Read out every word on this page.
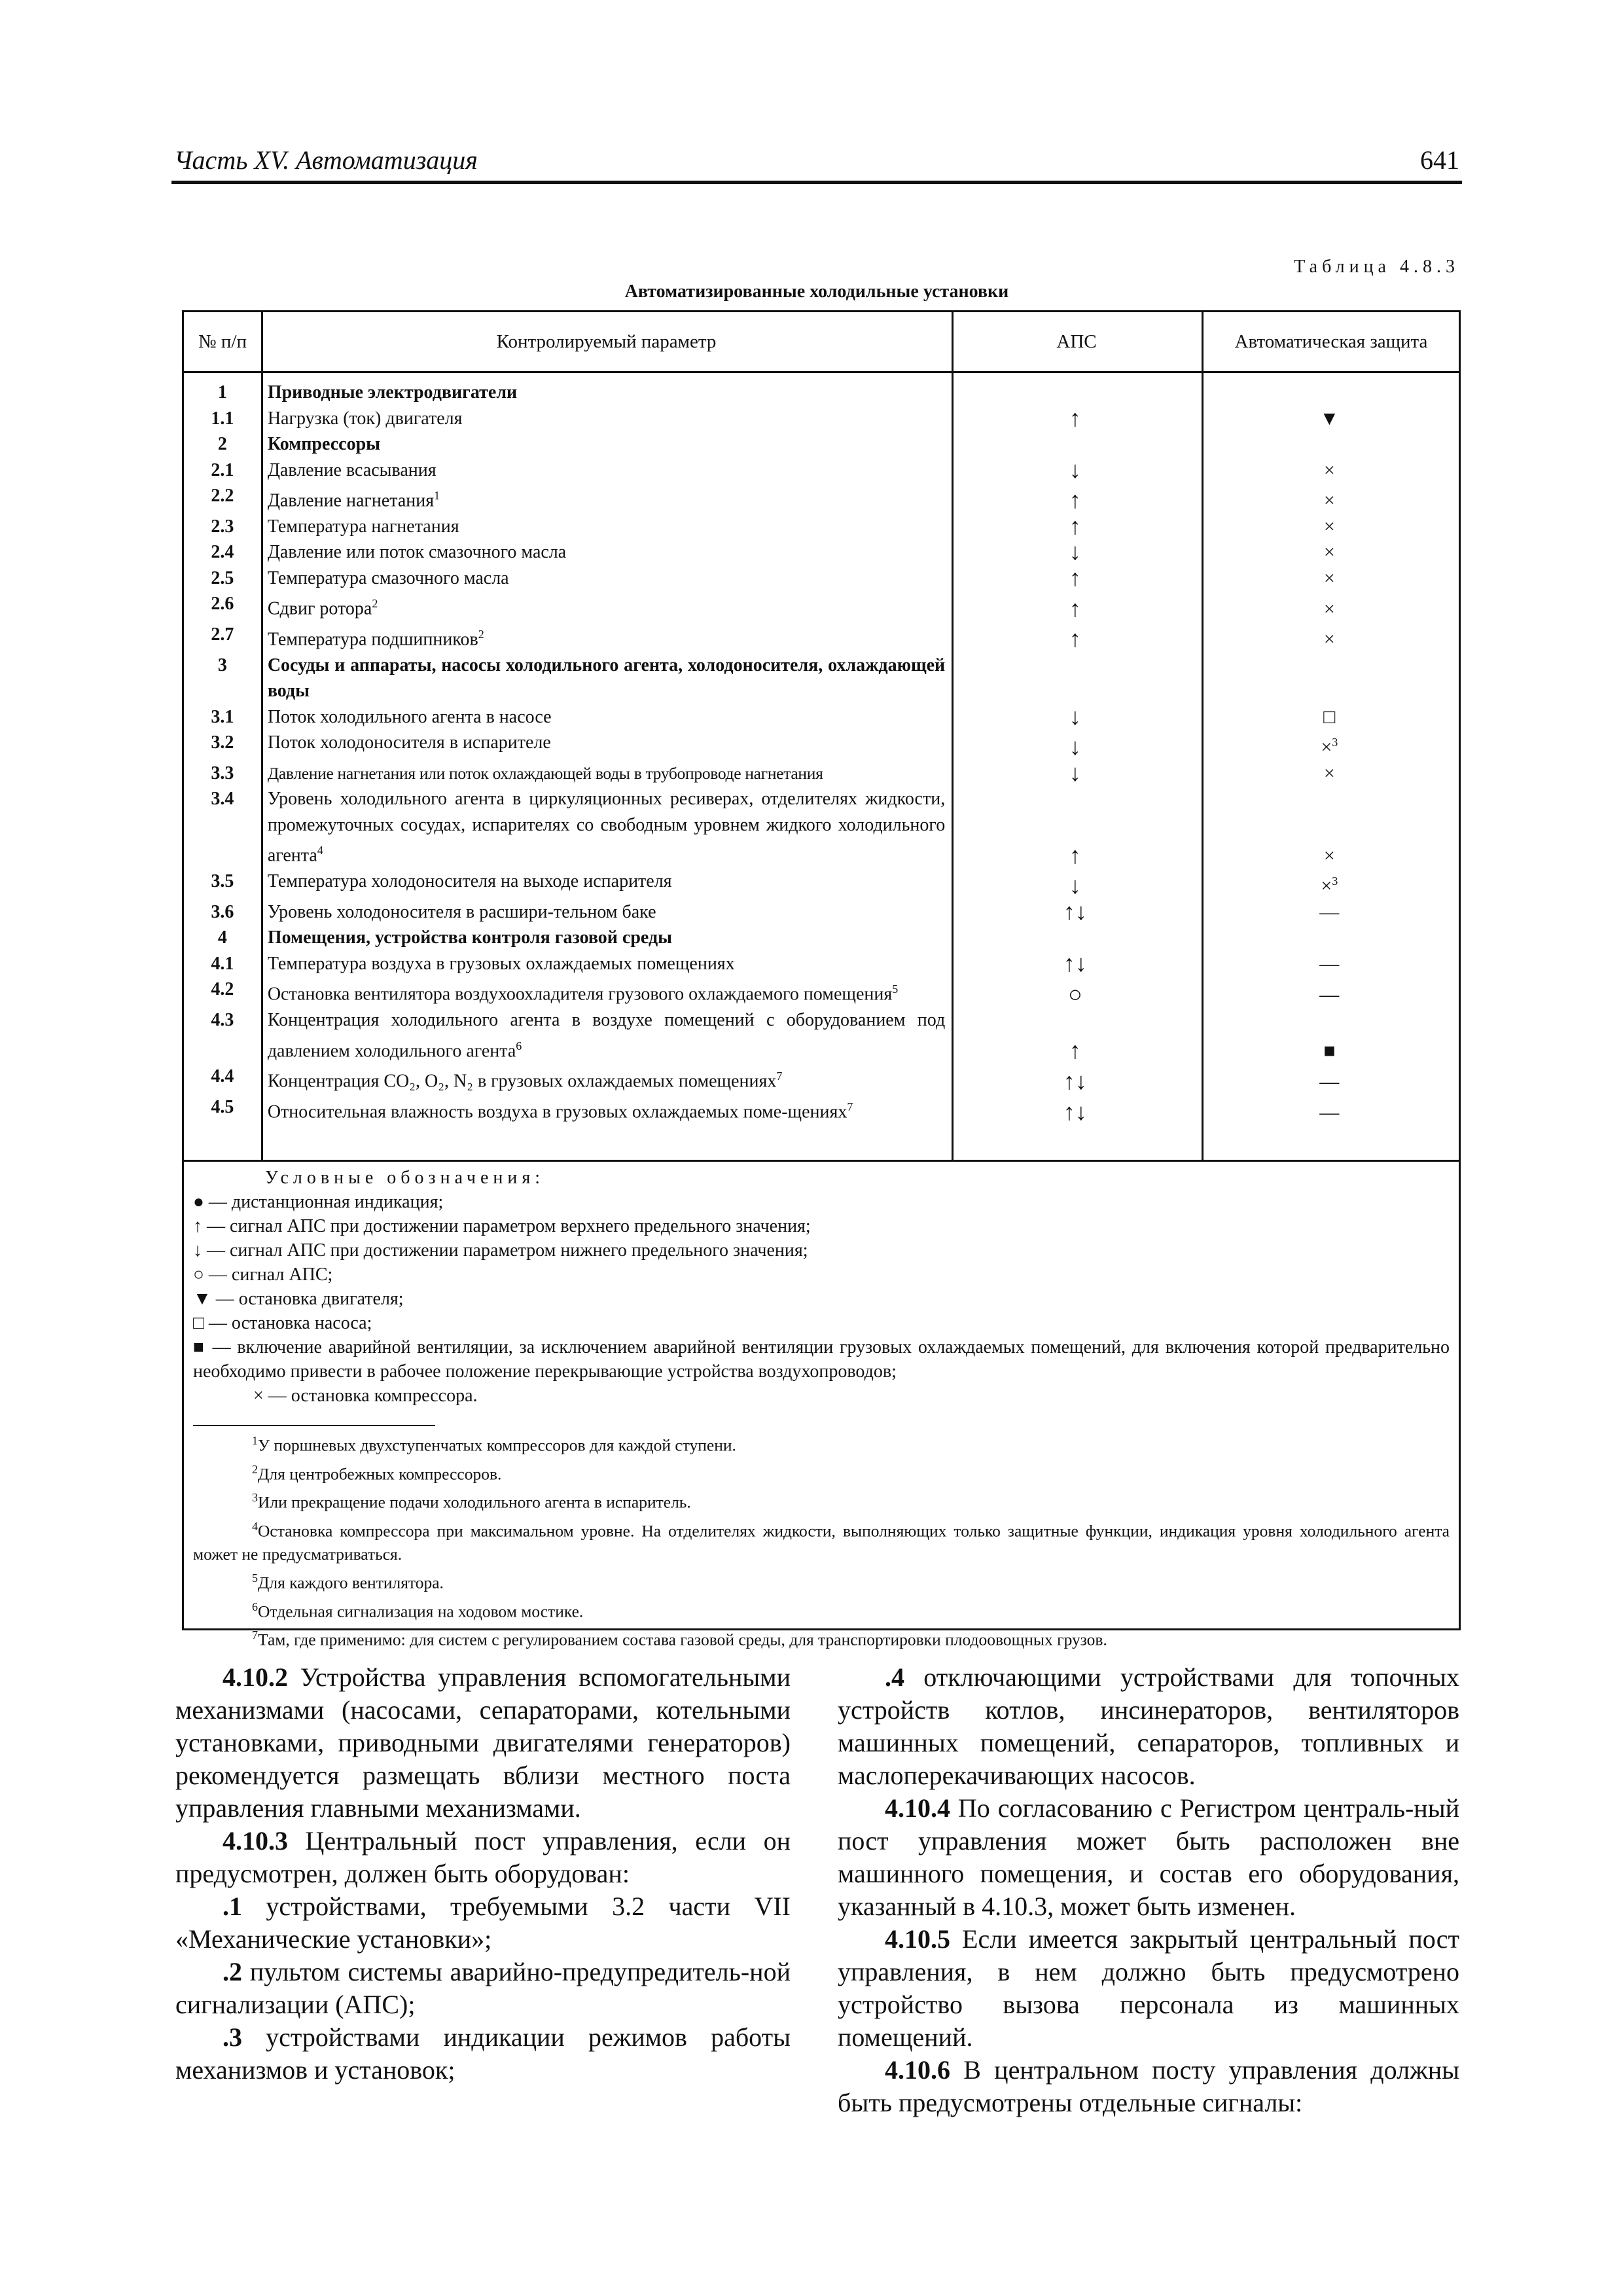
Часть XV. Автоматизация	641
Таблица 4.8.3
Автоматизированные холодильные установки
№ п/п	Контролируемый параметр	АПС	Автоматическая защита
1	Приводные электродвигатели
1.1	Нагрузка (ток) двигателя	↑	▼
2	Компрессоры
2.1	Давление всасывания	↓	×
2.2	Давление нагнетания$^1$	↑	×
2.3	Температура нагнетания	↑	×
2.4	Давление или поток смазочного масла	↓	×
2.5	Температура смазочного масла	↑	×
2.6	Сдвиг ротора$^2$	↑	×
2.7	Температура подшипников$^2$	↑	×
3	Сосуды и аппараты, насосы холодильного агента, холодоносителя, охлаждающей воды
3.1	Поток холодильного агента в насосе	↓	□
3.2	Поток холодоносителя в испарителе	↓	×$^3$
3.3	Давление нагнетания или поток охлаждающей воды в трубопроводе нагнетания	↓	×
3.4	Уровень холодильного агента в циркуляционных ресиверах, отделителях жидкости, промежуточных сосудах, испарителях со свободным уровнем жидкого холодильного агента$^4$	↑	×
3.5	Температура холодоносителя на выходе испарителя	↓	×$^3$
3.6	Уровень холодоносителя в расшири-тельном баке	↑↓	—
4	Помещения, устройства контроля газовой среды
4.1	Температура воздуха в грузовых охлаждаемых помещениях	↑↓	—
4.2	Остановка вентилятора воздухоохладителя грузового охлаждаемого помещения$^5$	○	—
4.3	Концентрация холодильного агента в воздухе помещений с оборудованием под давлением холодильного агента$^6$	↑	■
4.4	Концентрация CO₂, O₂, N₂ в грузовых охлаждаемых помещениях$^7$	↑↓	—
4.5	Относительная влажность воздуха в грузовых охлаждаемых поме-щениях$^7$	↑↓	—
Условные обозначения:
● — дистанционная индикация;
↑ — сигнал АПС при достижении параметром верхнего предельного значения;
↓ — сигнал АПС при достижении параметром нижнего предельного значения;
○ — сигнал АПС;
▼ — остановка двигателя;
□ — остановка насоса;
■ — включение аварийной вентиляции, за исключением аварийной вентиляции грузовых охлаждаемых помещений, для включения которой предварительно необходимо привести в рабочее положение перекрывающие устройства воздухопроводов;
× — остановка компрессора.
$^1$У поршневых двухступенчатых компрессоров для каждой ступени.
$^2$Для центробежных компрессоров.
$^3$Или прекращение подачи холодильного агента в испаритель.
$^4$Остановка компрессора при максимальном уровне. На отделителях жидкости, выполняющих только защитные функции, индикация уровня холодильного агента может не предусматриваться.
$^5$Для каждого вентилятора.
$^6$Отдельная сигнализация на ходовом мостике.
$^7$Там, где применимо: для систем с регулированием состава газовой среды, для транспортировки плодоовощных грузов.

4.10.2 Устройства управления вспомогательными механизмами (насосами, сепараторами, котельными установками, приводными двигателями генераторов) рекомендуется размещать вблизи местного поста управления главными механизмами.

4.10.3 Центральный пост управления, если он предусмотрен, должен быть оборудован:

.1 устройствами, требуемыми 3.2 части VII «Механические установки»;

.2 пультом системы аварийно-предупредитель-ной сигнализации (АПС);

.3 устройствами индикации режимов работы механизмов и установок;

.4 отключающими устройствами для топочных устройств котлов, инсинераторов, вентиляторов машинных помещений, сепараторов, топливных и маслоперекачивающих насосов.

4.10.4 По согласованию с Регистром централь-ный пост управления может быть расположен вне машинного помещения, и состав его оборудования, указанный в 4.10.3, может быть изменен.

4.10.5 Если имеется закрытый центральный пост управления, в нем должно быть предусмотрено устройство вызова персонала из машинных помещений.

4.10.6 В центральном посту управления должны быть предусмотрены отдельные сигналы:
